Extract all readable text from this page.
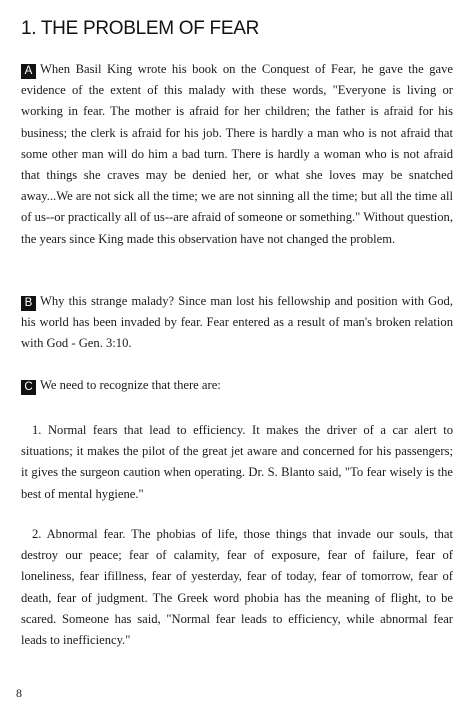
1. THE PROBLEM OF FEAR

A When Basil King wrote his book on the Conquest of Fear, he gave the gave evidence of the extent of this malady with these words, "Everyone is living or working in fear. The mother is afraid for her children; the father is afraid for his business; the clerk is afraid for his job. There is hardly a man who is not afraid that some other man will do him a bad turn. There is hardly a woman who is not afraid that things she craves may be denied her, or what she loves may be snatched away...We are not sick all the time; we are not sinning all the time; but all the time all of us--or practically all of us--are afraid of someone or something." Without question, the years since King made this observation have not changed the problem.

B Why this strange malady? Since man lost his fellowship and position with God, his world has been invaded by fear. Fear entered as a result of man's broken relation with God - Gen. 3:10.

C We need to recognize that there are:

1. Normal fears that lead to efficiency. It makes the driver of a car alert to situations; it makes the pilot of the great jet aware and concerned for his passengers; it gives the surgeon caution when operating. Dr. S. Blanto said, "To fear wisely is the best of mental hygiene."

2. Abnormal fear. The phobias of life, those things that invade our souls, that destroy our peace; fear of calamity, fear of exposure, fear of failure, fear of loneliness, fear ifillness, fear of yesterday, fear of today, fear of tomorrow, fear of death, fear of judgment. The Greek word phobia has the meaning of flight, to be scared. Someone has said, "Normal fear leads to efficiency, while abnormal fear leads to inefficiency."

8
